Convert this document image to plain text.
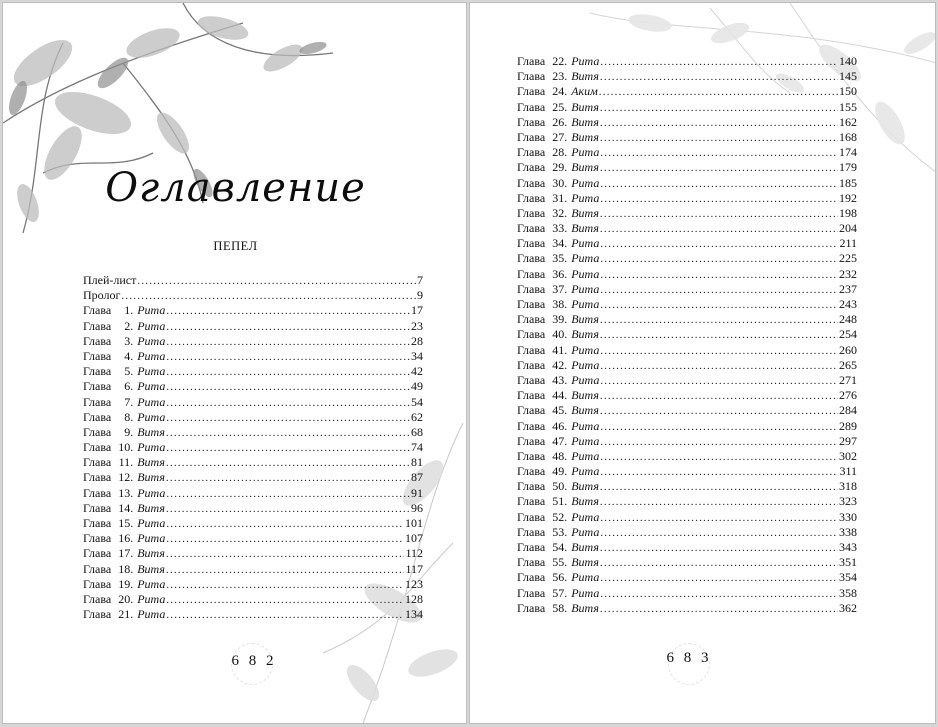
Оглавление
ПЕПЕЛ
Плей-лист .....	7
Пролог .....	9
Глава	1. Рита .....	17
Глава	2. Рита .....	23
Глава	3. Рита .....	28
Глава	4. Рита .....	34
Глава	5. Рита .....	42
Глава	6. Рита .....	49
Глава	7. Рита .....	54
Глава	8. Рита .....	62
Глава	9. Витя .....	68
Глава 10. Рита .....	74
Глава 11. Витя .....	81
Глава 12. Витя .....	87
Глава 13. Рита .....	91
Глава 14. Витя .....	96
Глава 15. Рита .....	101
Глава 16. Рита .....	107
Глава 17. Витя .....	112
Глава 18. Витя .....	117
Глава 19. Рита .....	123
Глава 20. Рита .....	128
Глава 21. Рита .....	134
6 8 2
Глава 22. Рита .....	140
Глава 23. Витя .....	145
Глава 24. Аким .....	150
Глава 25. Витя .....	155
Глава 26. Витя .....	162
Глава 27. Витя .....	168
Глава 28. Рита .....	174
Глава 29. Витя .....	179
Глава 30. Рита .....	185
Глава 31. Рита .....	192
Глава 32. Витя .....	198
Глава 33. Витя .....	204
Глава 34. Рита .....	211
Глава 35. Рита .....	225
Глава 36. Рита .....	232
Глава 37. Рита .....	237
Глава 38. Рита .....	243
Глава 39. Витя .....	248
Глава 40. Витя .....	254
Глава 41. Рита .....	260
Глава 42. Рита .....	265
Глава 43. Рита .....	271
Глава 44. Витя .....	276
Глава 45. Витя .....	284
Глава 46. Рита .....	289
Глава 47. Рита .....	297
Глава 48. Рита .....	302
Глава 49. Рита .....	311
Глава 50. Витя .....	318
Глава 51. Витя .....	323
Глава 52. Рита .....	330
Глава 53. Рита .....	338
Глава 54. Витя .....	343
Глава 55. Витя .....	351
Глава 56. Рита .....	354
Глава 57. Рита .....	358
Глава 58. Витя .....	362
6 8 3
